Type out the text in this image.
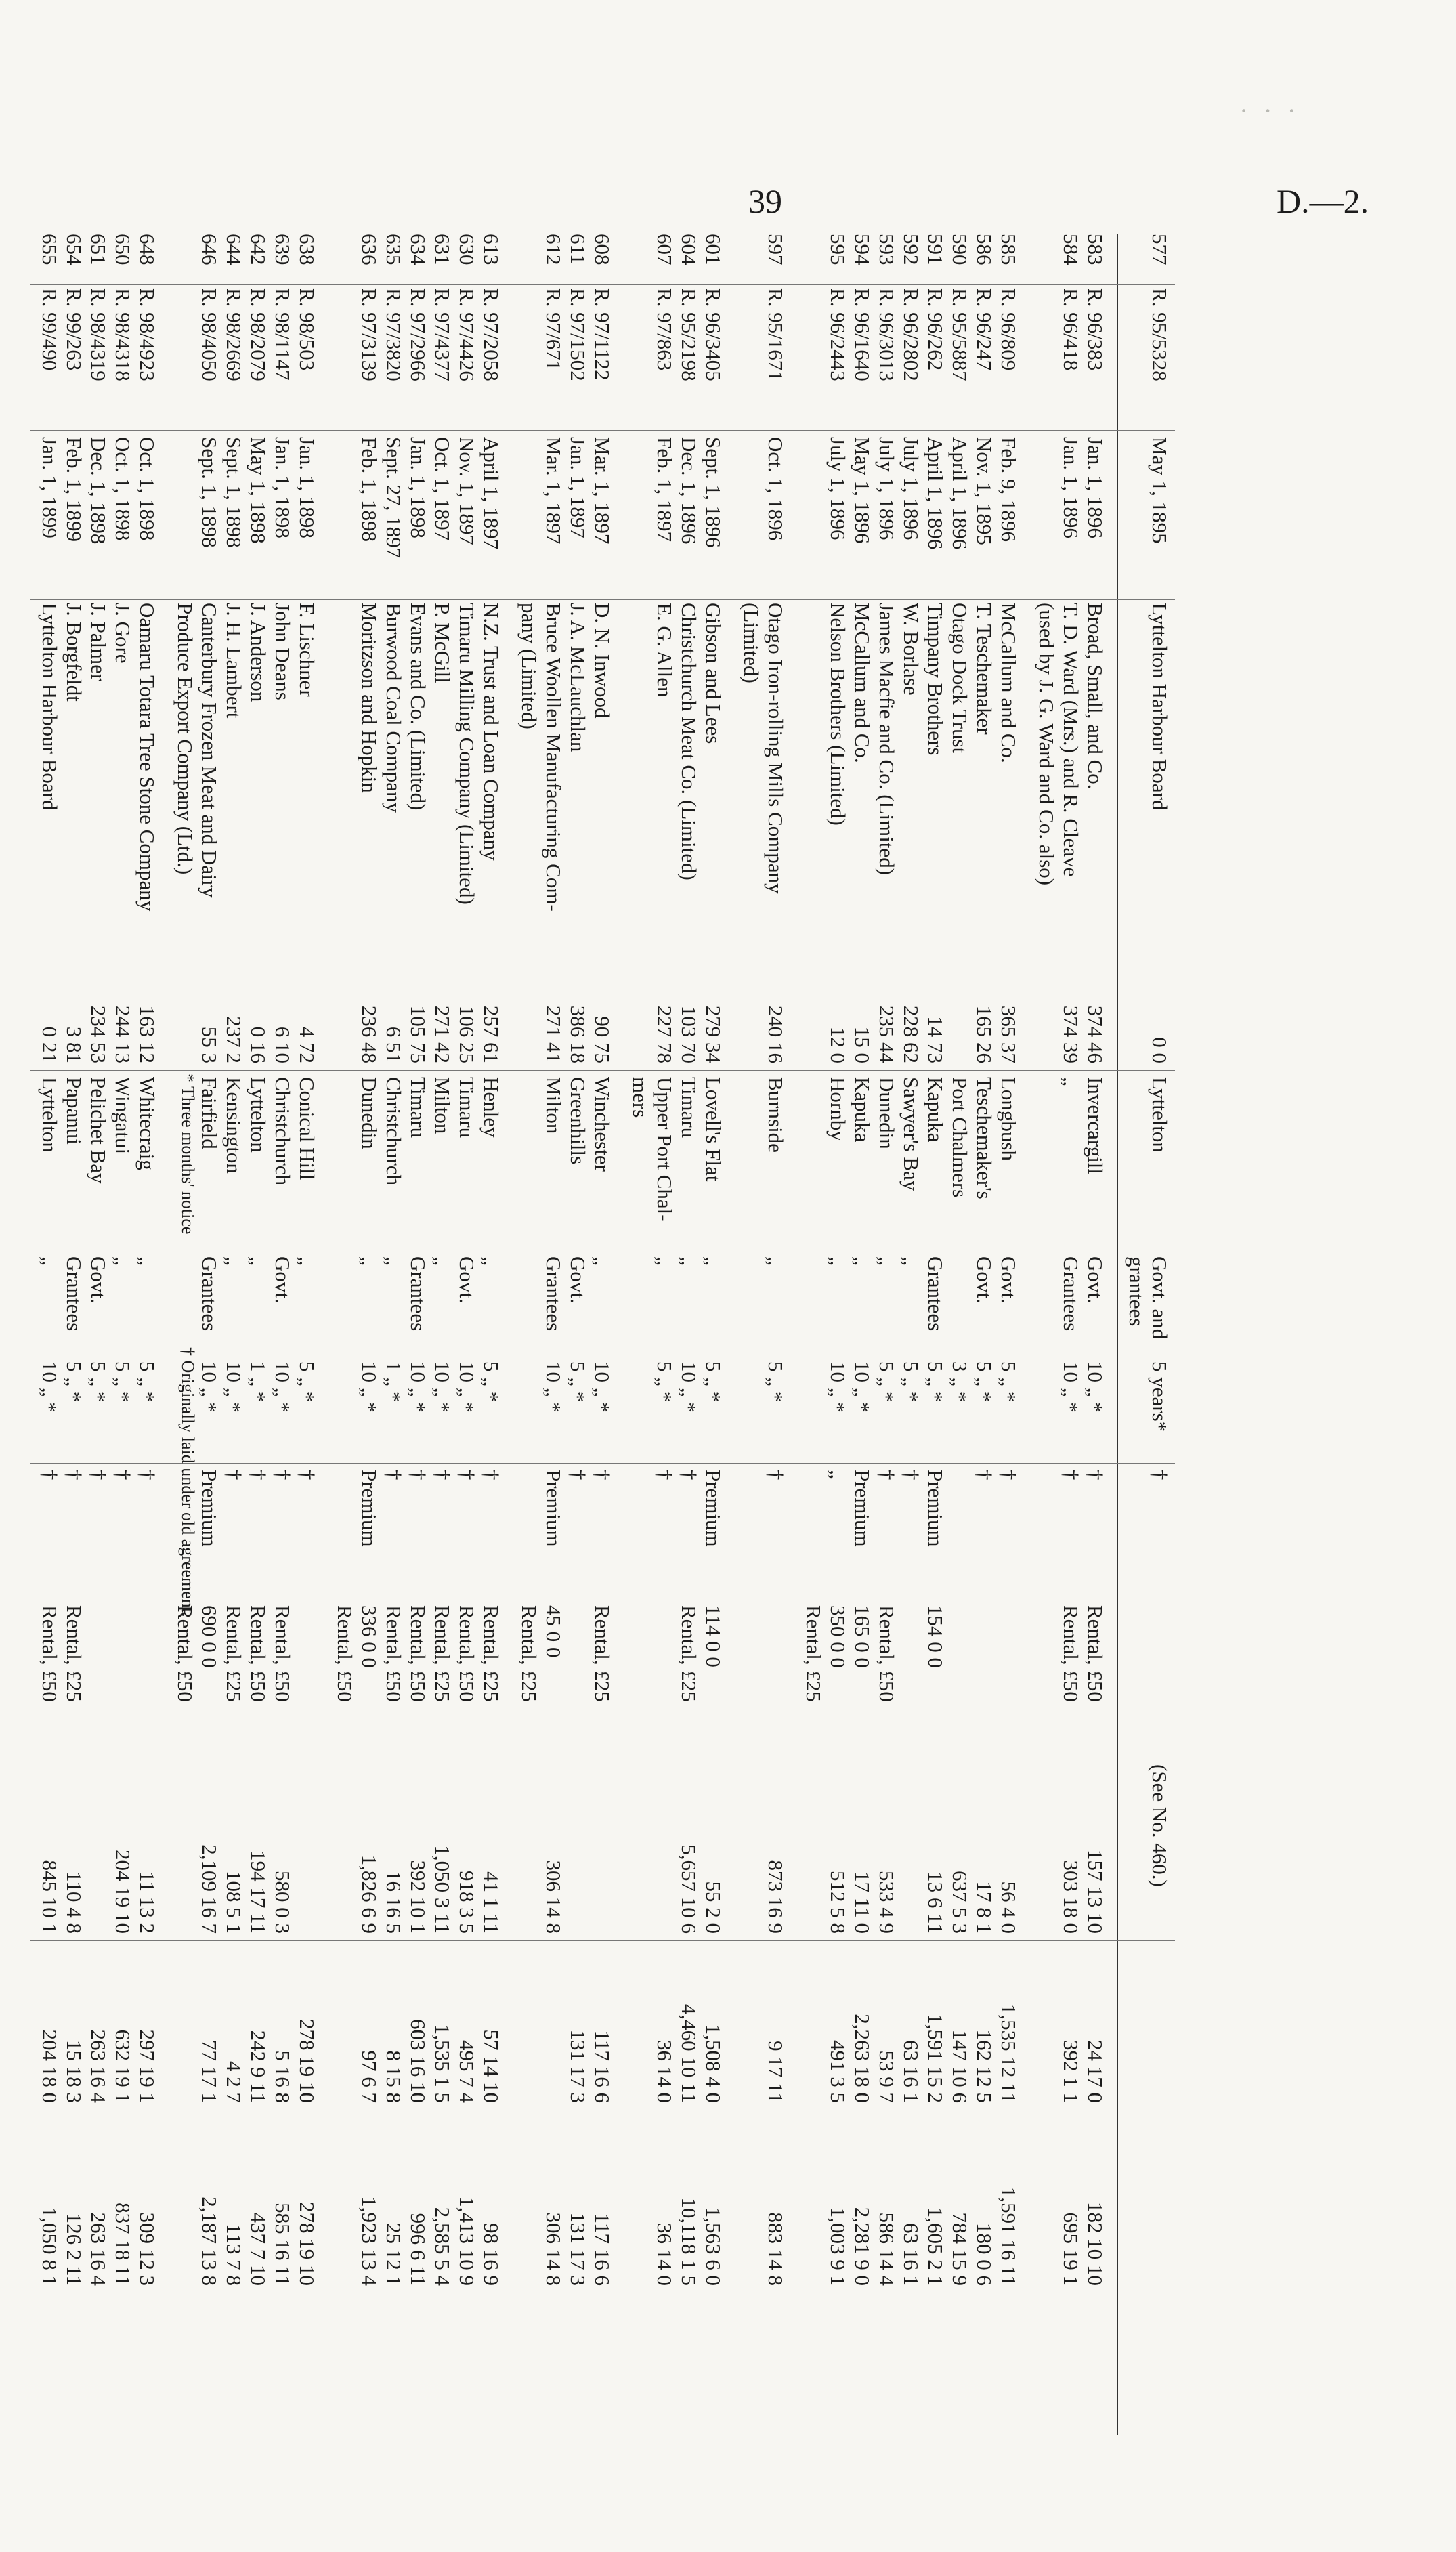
· · ·
39	D.—2.
577
R. 95/5328
May 1, 1895
Lyttelton Harbour Board
0 0
Lyttelton
Govt. and grantees
5 years*
†
(See No. 460.)
583
R. 96/383
Jan. 1, 1896
Broad, Small, and Co.
374 46
Invercargill
Govt.
10 „ *
†
Rental, £50
157 13 10
24 17 0
182 10 10
584
R. 96/418
Jan. 1, 1896
T. D. Ward (Mrs.) and R. Cleave
374 39
„
Grantees
10 „ *
†
Rental, £50
303 18 0
392 1 1
695 19 1
(used by J. G. Ward and Co. also)
585
R. 96/809
Feb. 9, 1896
McCallum and Co.
365 37
Longbush
Govt.
5 „ *
†
56 4 0
1,535 12 11
1,591 16 11
586
R. 96/247
Nov. 1, 1895
T. Teschemaker
165 26
Teschemaker's
Govt.
5 „ *
†
17 8 1
162 12 5
180 0 6
590
R. 95/5887
April 1, 1896
Otago Dock Trust
Port Chalmers
3 „ *
637 5 3
147 10 6
784 15 9
591
R. 96/262
April 1, 1896
Timpany Brothers
14 73
Kapuka
Grantees
5 „ *
Premium
154 0 0
13 6 11
1,591 15 2
1,605 2 1
592
R. 96/2802
July 1, 1896
W. Borlase
228 62
Sawyer's Bay
„
5 „ *
†
63 16 1
63 16 1
593
R. 96/3013
July 1, 1896
James Macfie and Co. (Limited)
235 44
Dunedin
„
5 „ *
†
Rental, £50
533 4 9
53 9 7
586 14 4
594
R. 96/1640
May 1, 1896
McCallum and Co.
15 0
Kapuka
„
10 „ *
Premium
165 0 0
17 11 0
2,263 18 0
2,281 9 0
595
R. 96/2443
July 1, 1896
Nelson Brothers (Limited)
12 0
Hornby
„
10 „ *
„
350 0 0
512 5 8
491 3 5
1,003 9 1
Rental, £25
597
R. 95/1671
Oct. 1, 1896
Otago Iron-rolling Mills Company
240 16
Burnside
„
5 „ *
†
873 16 9
9 17 11
883 14 8
(Limited)
601
R. 96/3405
Sept. 1, 1896
Gibson and Lees
279 34
Lovell's Flat
„
5 „ *
Premium
114 0 0
55 2 0
1,508 4 0
1,563 6 0
604
R. 95/2198
Dec. 1, 1896
Christchurch Meat Co. (Limited)
103 70
Timaru
„
10 „ *
†
Rental, £25
5,657 10 6
4,460 10 11
10,118 1 5
607
R. 97/863
Feb. 1, 1897
E. G. Allen
227 78
Upper Port Chal-
„
5 „ *
†
36 14 0
36 14 0
mers
608
R. 97/1122
Mar. 1, 1897
D. N. Inwood
90 75
Winchester
„
10 „ *
†
Rental, £25
117 16 6
117 16 6
611
R. 97/1502
Jan. 1, 1897
J. A. McLauchlan
386 18
Greenhills
Govt.
5 „ *
†
131 17 3
131 17 3
612
R. 97/671
Mar. 1, 1897
Bruce Woollen Manufacturing Com-
271 41
Milton
Grantees
10 „ *
Premium
45 0 0
306 14 8
306 14 8
pany (Limited)
Rental, £25
613
R. 97/2058
April 1, 1897
N.Z. Trust and Loan Company
257 61
Henley
„
5 „ *
†
Rental, £25
41 1 11
57 14 10
98 16 9
630
R. 97/4426
Nov. 1, 1897
Timaru Milling Company (Limited)
106 25
Timaru
Govt.
10 „ *
†
Rental, £50
918 3 5
495 7 4
1,413 10 9
631
R. 97/4377
Oct. 1, 1897
P. McGill
271 42
Milton
„
10 „ *
†
Rental, £25
1,050 3 11
1,535 1 5
2,585 5 4
634
R. 97/2966
Jan. 1, 1898
Evans and Co. (Limited)
105 75
Timaru
Grantees
10 „ *
†
Rental, £50
392 10 1
603 16 10
996 6 11
635
R. 97/3820
Sept. 27, 1897
Burwood Coal Company
6 51
Christchurch
„
1 „ *
†
Rental, £50
16 16 5
8 15 8
25 12 1
636
R. 97/3139
Feb. 1, 1898
Moritzson and Hopkin
236 48
Dunedin
„
10 „ *
Premium
336 0 0
1,826 6 9
97 6 7
1,923 13 4
Rental, £50
638
R. 98/503
Jan. 1, 1898
F. Lischner
4 72
Conical Hill
„
5 „ *
†
278 19 10
278 19 10
639
R. 98/1147
Jan. 1, 1898
John Deans
6 10
Christchurch
Govt.
10 „ *
†
Rental, £50
580 0 3
5 16 8
585 16 11
642
R. 98/2079
May 1, 1898
J. Anderson
0 16
Lyttelton
„
1 „ *
†
Rental, £50
194 17 11
242 9 11
437 7 10
644
R. 98/2669
Sept. 1, 1898
J. H. Lambert
237 2
Kensington
„
10 „ *
†
Rental, £25
108 5 1
4 2 7
113 7 8
646
R. 98/4050
Sept. 1, 1898
Canterbury Frozen Meat and Dairy
55 3
Fairfield
Grantees
10 „ *
Premium
690 0 0
2,109 16 7
77 17 1
2,187 13 8
Produce Export Company (Ltd.)
Rental, £50
648
R. 98/4923
Oct. 1, 1898
Oamaru Totara Tree Stone Company
163 12
Whitecraig
„
5 „ *
†
11 13 2
297 19 1
309 12 3
650
R. 98/4318
Oct. 1, 1898
J. Gore
244 13
Wingatui
„
5 „ *
†
204 19 10
632 19 1
837 18 11
651
R. 98/4319
Dec. 1, 1898
J. Palmer
234 53
Pelichet Bay
Govt.
5 „ *
†
263 16 4
263 16 4
654
R. 99/263
Feb. 1, 1899
J. Borgfeldt
3 81
Papanui
Grantees
5 „ *
†
Rental, £25
110 4 8
15 18 3
126 2 11
655
R. 99/490
Jan. 1, 1899
Lyttelton Harbour Board
0 21
Lyttelton
„
10 „ *
†
Rental, £50
845 10 1
204 18 0
1,050 8 1
* Three months' notice † Originally laid under old agreement.
